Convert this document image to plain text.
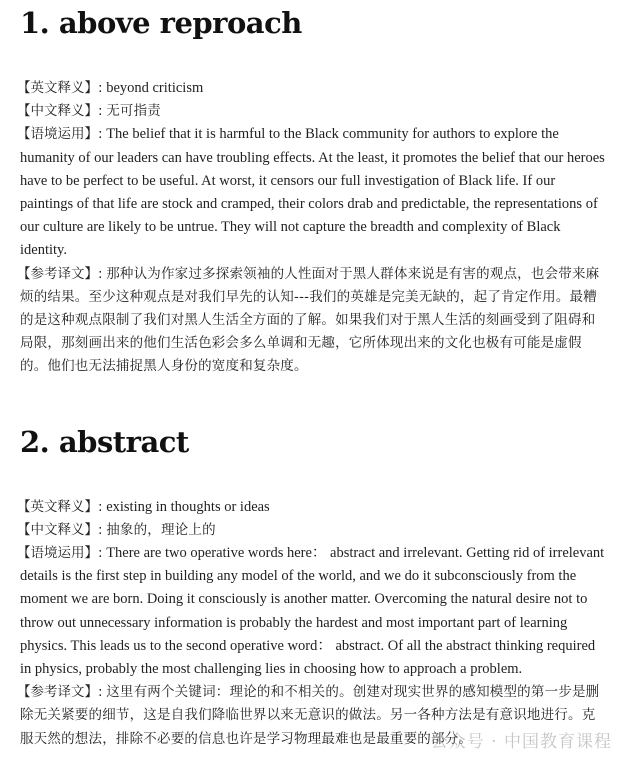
1. above reproach

【英文释义】: beyond criticism

【中文释义】: 无可指责

【语境运用】: The belief that it is harmful to the Black community for authors to explore the humanity of our leaders can have troubling effects. At the least, it promotes the belief that our heroes have to be perfect to be useful. At worst, it censors our full investigation of Black life. If our paintings of that life are stock and cramped, their colors drab and predictable, the representations of our culture are likely to be untrue. They will not capture the breadth and complexity of Black identity.

【参考译文】: 那种认为作家过多探索领袖的人性面对于黑人群体来说是有害的观点，也会带来麻烦的结果。至少这种观点是对我们早先的认知---我们的英雄是完美无缺的，起了肯定作用。最糟的是这种观点限制了我们对黑人生活全方面的了解。如果我们对于黑人生活的刻画受到了阻碍和局限，那刻画出来的他们生活色彩会多么单调和无趣，它所体现出来的文化也极有可能是虚假的。他们也无法捕捉黑人身份的宽度和复杂度。

2. abstract

【英文释义】: existing in thoughts or ideas

【中文释义】: 抽象的，理论上的

【语境运用】: There are two operative words here： abstract and irrelevant. Getting rid of irrelevant details is the first step in building any model of the world, and we do it subconsciously from the moment we are born. Doing it consciously is another matter. Overcoming the natural desire not to throw out unnecessary information is probably the hardest and most important part of learning physics. This leads us to the second operative word： abstract. Of all the abstract thinking required in physics, probably the most challenging lies in choosing how to approach a problem.

【参考译文】: 这里有两个关键词：理论的和不相关的。创建对现实世界的感知模型的第一步是删除无关紧要的细节，这是自我们降临世界以来无意识的做法。另一各种方法是有意识地进行。克服天然的想法，排除不必要的信息也许是学习物理最难也是最重要的部分。

公众号 · 中国教育课程
